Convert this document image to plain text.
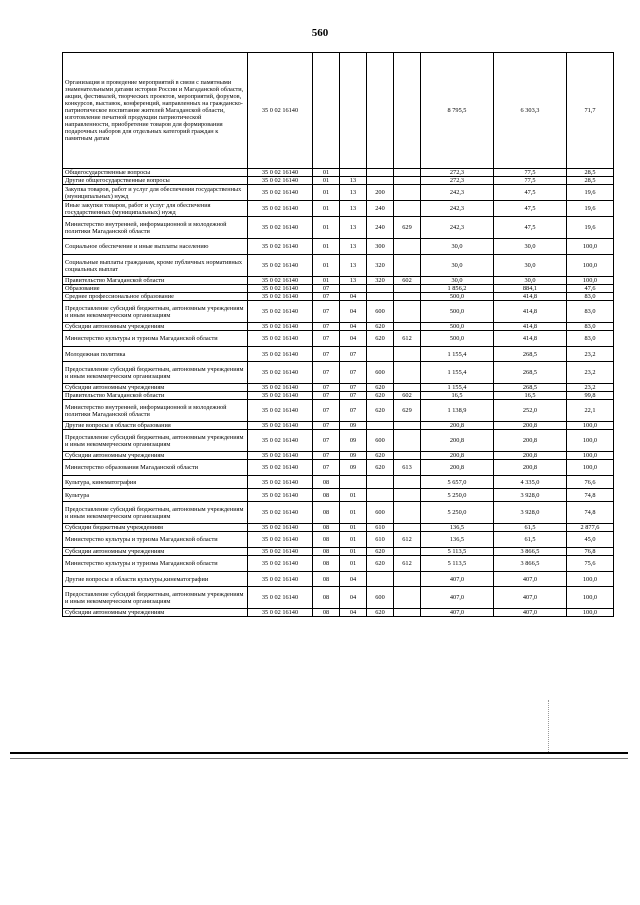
560
Организация и проведение мероприятий в связи с памятными знаменательными датами истории России и Магаданской области, акции, фестивалей, творческих проектов, мероприятий, форумов, конкурсов, выставок, конференций, направленных на гражданско-патриотическое воспитание жителей Магаданской области, изготовление печатной продукции патриотической направленности, приобретение товаров для формирования подарочных наборов для отдельных категорий граждан к памятным датам	35 0 02 16140					8 795,5	6 303,3	71,7
Общегосударственные вопросы	35 0 02 16140	01				272,3	77,5	28,5
Другие общегосударственные вопросы	35 0 02 16140	01	13			272,3	77,5	28,5
Закупка товаров, работ и услуг для обеспечения государственных (муниципальных) нужд	35 0 02 16140	01	13	200		242,3	47,5	19,6
Иные закупки товаров, работ и услуг для обеспечения государственных (муниципальных) нужд	35 0 02 16140	01	13	240		242,3	47,5	19,6
Министерство внутренней, информационной и молодежной политики Магаданской области	35 0 02 16140	01	13	240	629	242,3	47,5	19,6
Социальное обеспечение и иные выплаты населению	35 0 02 16140	01	13	300		30,0	30,0	100,0
Социальные выплаты гражданам, кроме публичных нормативных социальных выплат	35 0 02 16140	01	13	320		30,0	30,0	100,0
Правительство Магаданской области	35 0 02 16140	01	13	320	602	30,0	30,0	100,0
Образование	35 0 02 16140	07				1 856,2	884,1	47,6
Среднее профессиональное образование	35 0 02 16140	07	04			500,0	414,8	83,0
Предоставление субсидий бюджетным, автономным учреждениям и иным некоммерческим организациям	35 0 02 16140	07	04	600		500,0	414,8	83,0
Субсидии автономным учреждениям	35 0 02 16140	07	04	620		500,0	414,8	83,0
Министерство культуры и туризма Магаданской области	35 0 02 16140	07	04	620	612	500,0	414,8	83,0
Молодежная политика	35 0 02 16140	07	07			1 155,4	268,5	23,2
Предоставление субсидий бюджетным, автономным учреждениям и иным некоммерческим организациям	35 0 02 16140	07	07	600		1 155,4	268,5	23,2
Субсидии автономным учреждениям	35 0 02 16140	07	07	620		1 155,4	268,5	23,2
Правительство Магаданской области	35 0 02 16140	07	07	620	602	16,5	16,5	99,8
Министерство внутренней, информационной и молодежной политики Магаданской области	35 0 02 16140	07	07	620	629	1 138,9	252,0	22,1
Другие вопросы в области образования	35 0 02 16140	07	09			200,8	200,8	100,0
Предоставление субсидий бюджетным, автономным учреждениям и иным некоммерческим организациям	35 0 02 16140	07	09	600		200,8	200,8	100,0
Субсидии автономным учреждениям	35 0 02 16140	07	09	620		200,8	200,8	100,0
Министерство образования Магаданской области	35 0 02 16140	07	09	620	613	200,8	200,8	100,0
Культура, кинематография	35 0 02 16140	08				5 657,0	4 335,0	76,6
Культура	35 0 02 16140	08	01			5 250,0	3 928,0	74,8
Предоставление субсидий бюджетным, автономным учреждениям и иным некоммерческим организациям	35 0 02 16140	08	01	600		5 250,0	3 928,0	74,8
Субсидии бюджетным учреждениям	35 0 02 16140	08	01	610		136,5	61,5	2 877,6
Министерство культуры и туризма Магаданской области	35 0 02 16140	08	01	610	612	136,5	61,5	45,0
Субсидии автономным учреждениям	35 0 02 16140	08	01	620		5 113,5	3 866,5	76,8
Министерство культуры и туризма Магаданской области	35 0 02 16140	08	01	620	612	5 113,5	3 866,5	75,6
Другие вопросы в области культуры,кинематографии	35 0 02 16140	08	04			407,0	407,0	100,0
Предоставление субсидий бюджетным, автономным учреждениям и иным некоммерческим организациям	35 0 02 16140	08	04	600		407,0	407,0	100,0
Субсидии автономным учреждениям	35 0 02 16140	08	04	620		407,0	407,0	100,0
